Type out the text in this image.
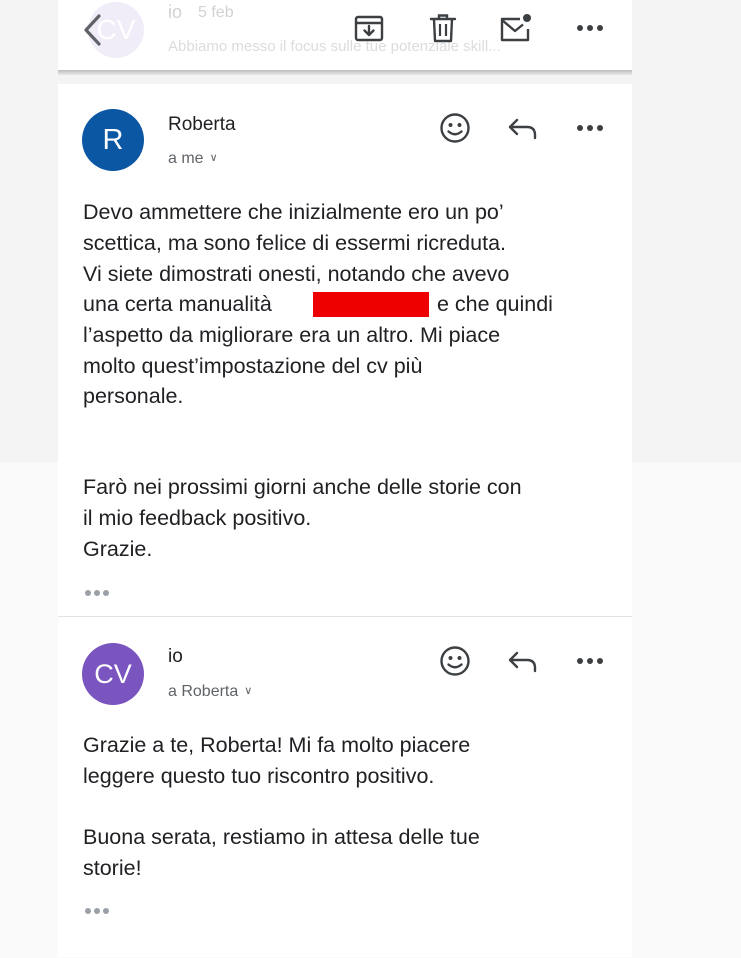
CV
io 5 feb
Abbiamo messo il focus sulle tue potenziale skill...
R	Roberta
a me ∨

Devo ammettere che inizialmente ero un po’
scettica, ma sono felice di essermi ricreduta.
Vi siete dimostrati onesti, notando che avevo
una certa manualità	e che quindi
l’aspetto da migliorare era un altro. Mi piace
molto quest’impostazione del cv più
personale.

Farò nei prossimi giorni anche delle storie con
il mio feedback positivo.
Grazie.

CV
io
a Roberta ∨

Grazie a te, Roberta! Mi fa molto piacere
leggere questo tuo riscontro positivo.

Buona serata, restiamo in attesa delle tue
storie!
